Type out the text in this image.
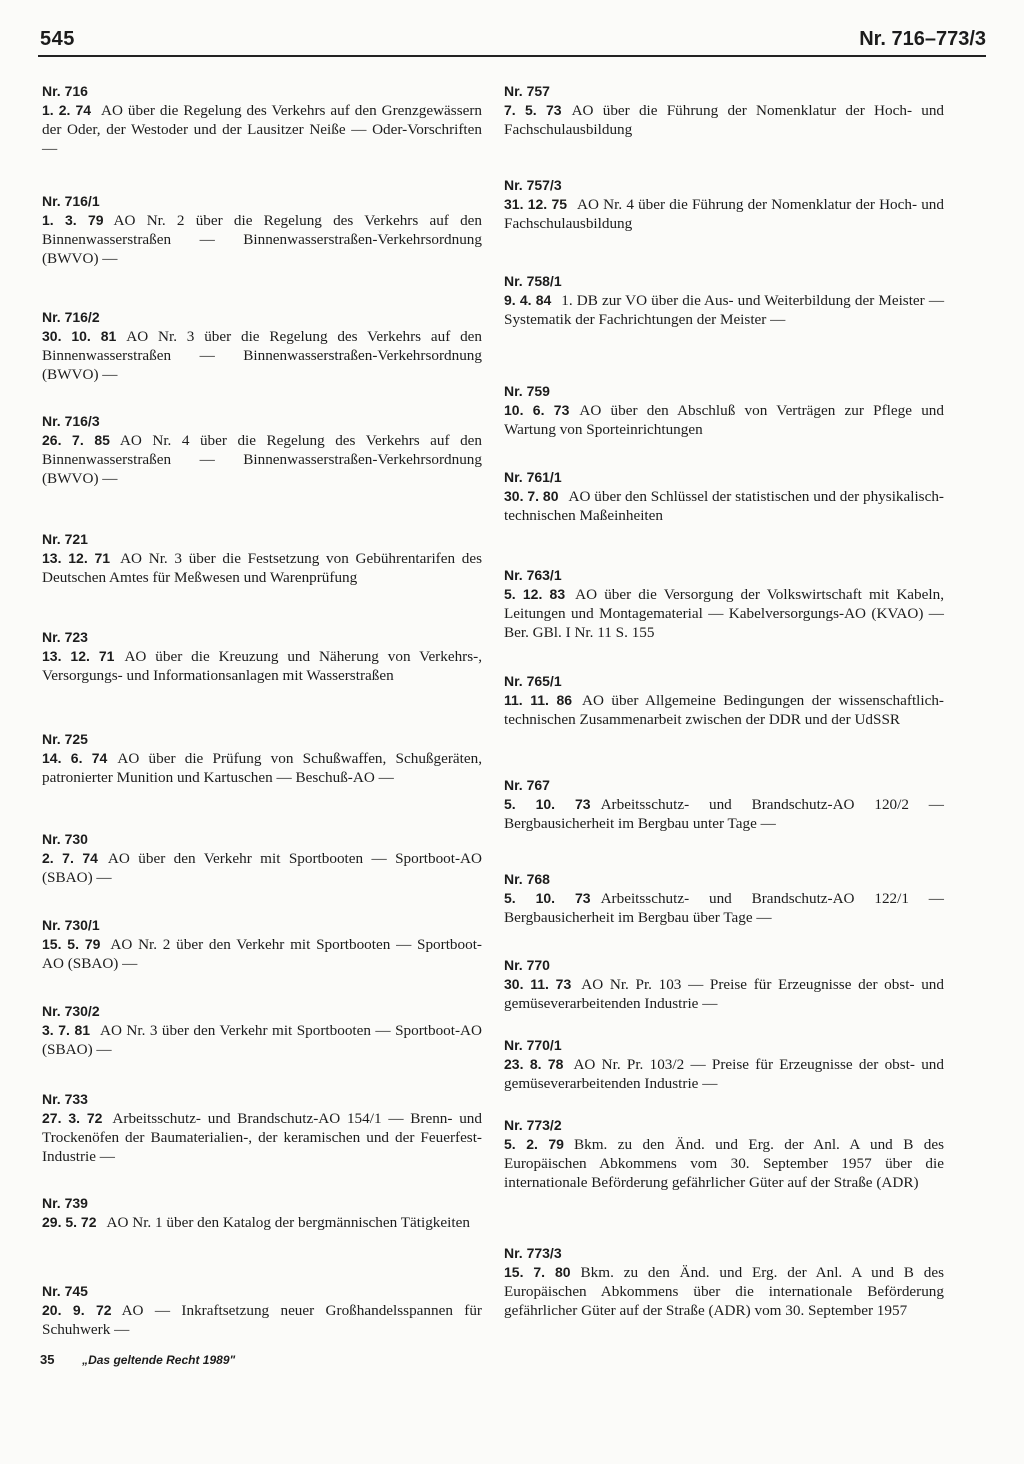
545	Nr. 716–773/3
Nr. 716

1. 2. 74 AO über die Regelung des Verkehrs auf den Grenzgewässern der Oder, der Westoder und der Lausitzer Neiße — Oder-Vorschriften —

Nr. 716/1

1. 3. 79 AO Nr. 2 über die Regelung des Verkehrs auf den Binnenwasserstraßen — Binnenwasserstraßen-Verkehrsordnung (BWVO) —

Nr. 716/2

30. 10. 81 AO Nr. 3 über die Regelung des Verkehrs auf den Binnenwasserstraßen — Binnenwasserstraßen-Verkehrsordnung (BWVO) —

Nr. 716/3

26. 7. 85 AO Nr. 4 über die Regelung des Verkehrs auf den Binnenwasserstraßen — Binnenwasserstraßen-Verkehrsordnung (BWVO) —

Nr. 721

13. 12. 71 AO Nr. 3 über die Festsetzung von Gebührentarifen des Deutschen Amtes für Meßwesen und Warenprüfung

Nr. 723

13. 12. 71 AO über die Kreuzung und Näherung von Verkehrs-, Versorgungs- und Informationsanlagen mit Wasserstraßen

Nr. 725

14. 6. 74 AO über die Prüfung von Schußwaffen, Schußgeräten, patronierter Munition und Kartuschen — Beschuß-AO —

Nr. 730

2. 7. 74 AO über den Verkehr mit Sportbooten — Sportboot-AO (SBAO) —

Nr. 730/1

15. 5. 79 AO Nr. 2 über den Verkehr mit Sportbooten — Sportboot-AO (SBAO) —

Nr. 730/2

3. 7. 81 AO Nr. 3 über den Verkehr mit Sportbooten — Sportboot-AO (SBAO) —

Nr. 733

27. 3. 72 Arbeitsschutz- und Brandschutz-AO 154/1 — Brenn- und Trockenöfen der Baumaterialien-, der keramischen und der Feuerfest-Industrie —

Nr. 739

29. 5. 72 AO Nr. 1 über den Katalog der bergmännischen Tätigkeiten

Nr. 745

20. 9. 72 AO — Inkraftsetzung neuer Großhandelsspannen für Schuhwerk —

Nr. 757

7. 5. 73 AO über die Führung der Nomenklatur der Hoch- und Fachschulausbildung

Nr. 757/3

31. 12. 75 AO Nr. 4 über die Führung der Nomenklatur der Hoch- und Fachschulausbildung

Nr. 758/1

9. 4. 84 1. DB zur VO über die Aus- und Weiterbildung der Meister — Systematik der Fachrichtungen der Meister —

Nr. 759

10. 6. 73 AO über den Abschluß von Verträgen zur Pflege und Wartung von Sporteinrichtungen

Nr. 761/1

30. 7. 80 AO über den Schlüssel der statistischen und der physikalisch-technischen Maßeinheiten

Nr. 763/1

5. 12. 83 AO über die Versorgung der Volkswirtschaft mit Kabeln, Leitungen und Montagematerial — Kabelversorgungs-AO (KVAO) — Ber. GBl. I Nr. 11 S. 155

Nr. 765/1

11. 11. 86 AO über Allgemeine Bedingungen der wissenschaftlich-technischen Zusammenarbeit zwischen der DDR und der UdSSR

Nr. 767

5. 10. 73 Arbeitsschutz- und Brandschutz-AO 120/2 — Bergbausicherheit im Bergbau unter Tage —

Nr. 768

5. 10. 73 Arbeitsschutz- und Brandschutz-AO 122/1 — Bergbausicherheit im Bergbau über Tage —

Nr. 770

30. 11. 73 AO Nr. Pr. 103 — Preise für Erzeugnisse der obst- und gemüseverarbeitenden Industrie —

Nr. 770/1

23. 8. 78 AO Nr. Pr. 103/2 — Preise für Erzeugnisse der obst- und gemüseverarbeitenden Industrie —

Nr. 773/2

5. 2. 79 Bkm. zu den Änd. und Erg. der Anl. A und B des Europäischen Abkommens vom 30. September 1957 über die internationale Beförderung gefährlicher Güter auf der Straße (ADR)

Nr. 773/3

15. 7. 80 Bkm. zu den Änd. und Erg. der Anl. A und B des Europäischen Abkommens über die internationale Beförderung gefährlicher Güter auf der Straße (ADR) vom 30. September 1957

35 „Das geltende Recht 1989"
